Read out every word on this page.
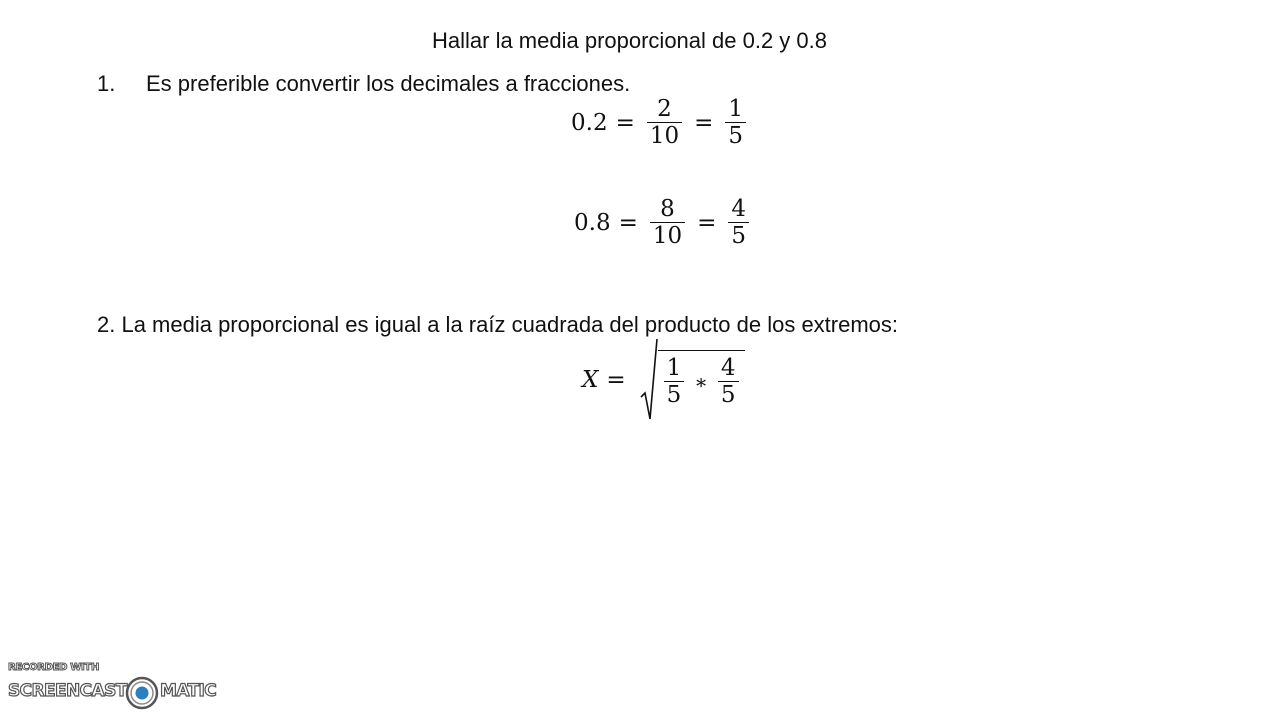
Hallar la media proporcional de 0.2 y 0.8
1. Es preferible convertir los decimales a fracciones.
$0.2 = \frac{2}{10} = \frac{1}{5}$
$0.8 = \frac{8}{10} = \frac{4}{5}$
2. La media proporcional es igual a la raíz cuadrada del producto de los extremos:
$X = \frac{1}{5}$ ∗ $\frac{4}{5}$
RECORDED WITH
SCREENCAST MATIC
